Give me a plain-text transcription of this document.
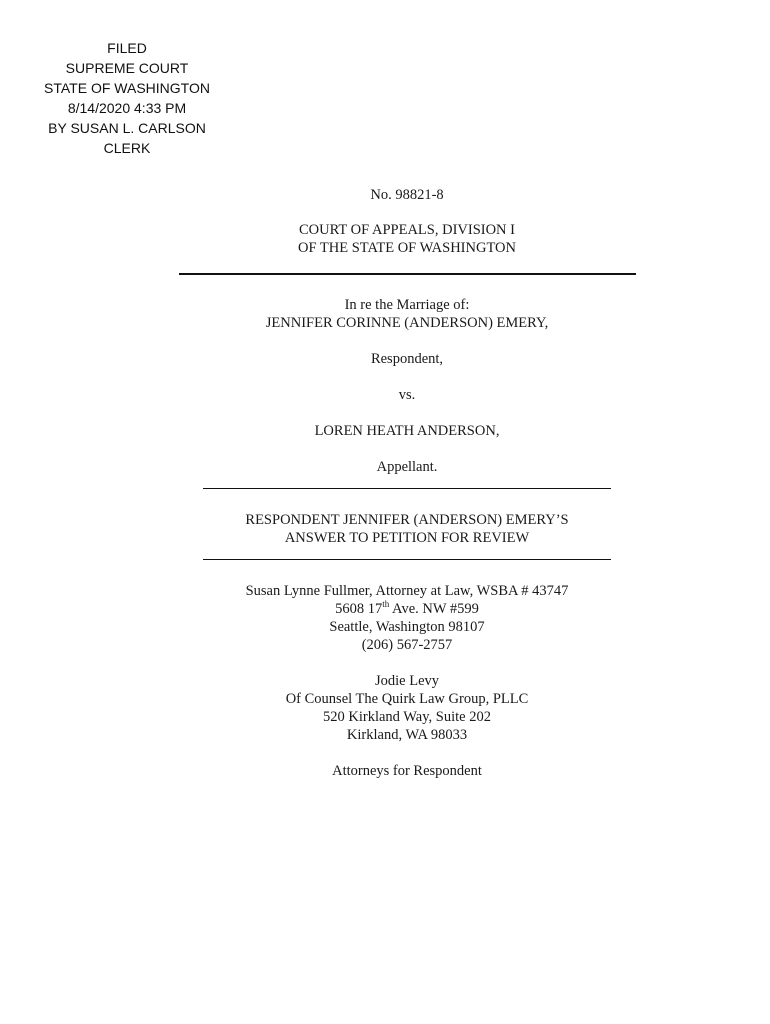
FILED
SUPREME COURT
STATE OF WASHINGTON
8/14/2020 4:33 PM
BY SUSAN L. CARLSON
CLERK
No. 98821-8
COURT OF APPEALS, DIVISION I
OF THE STATE OF WASHINGTON
In re the Marriage of:
JENNIFER CORINNE (ANDERSON) EMERY,
Respondent,
vs.
LOREN HEATH ANDERSON,
Appellant.
RESPONDENT JENNIFER (ANDERSON) EMERY’S
ANSWER TO PETITION FOR REVIEW
Susan Lynne Fullmer, Attorney at Law, WSBA # 43747
5608 17th Ave. NW #599
Seattle, Washington 98107
(206) 567-2757
Jodie Levy
Of Counsel The Quirk Law Group, PLLC
520 Kirkland Way, Suite 202
Kirkland, WA 98033
Attorneys for Respondent
